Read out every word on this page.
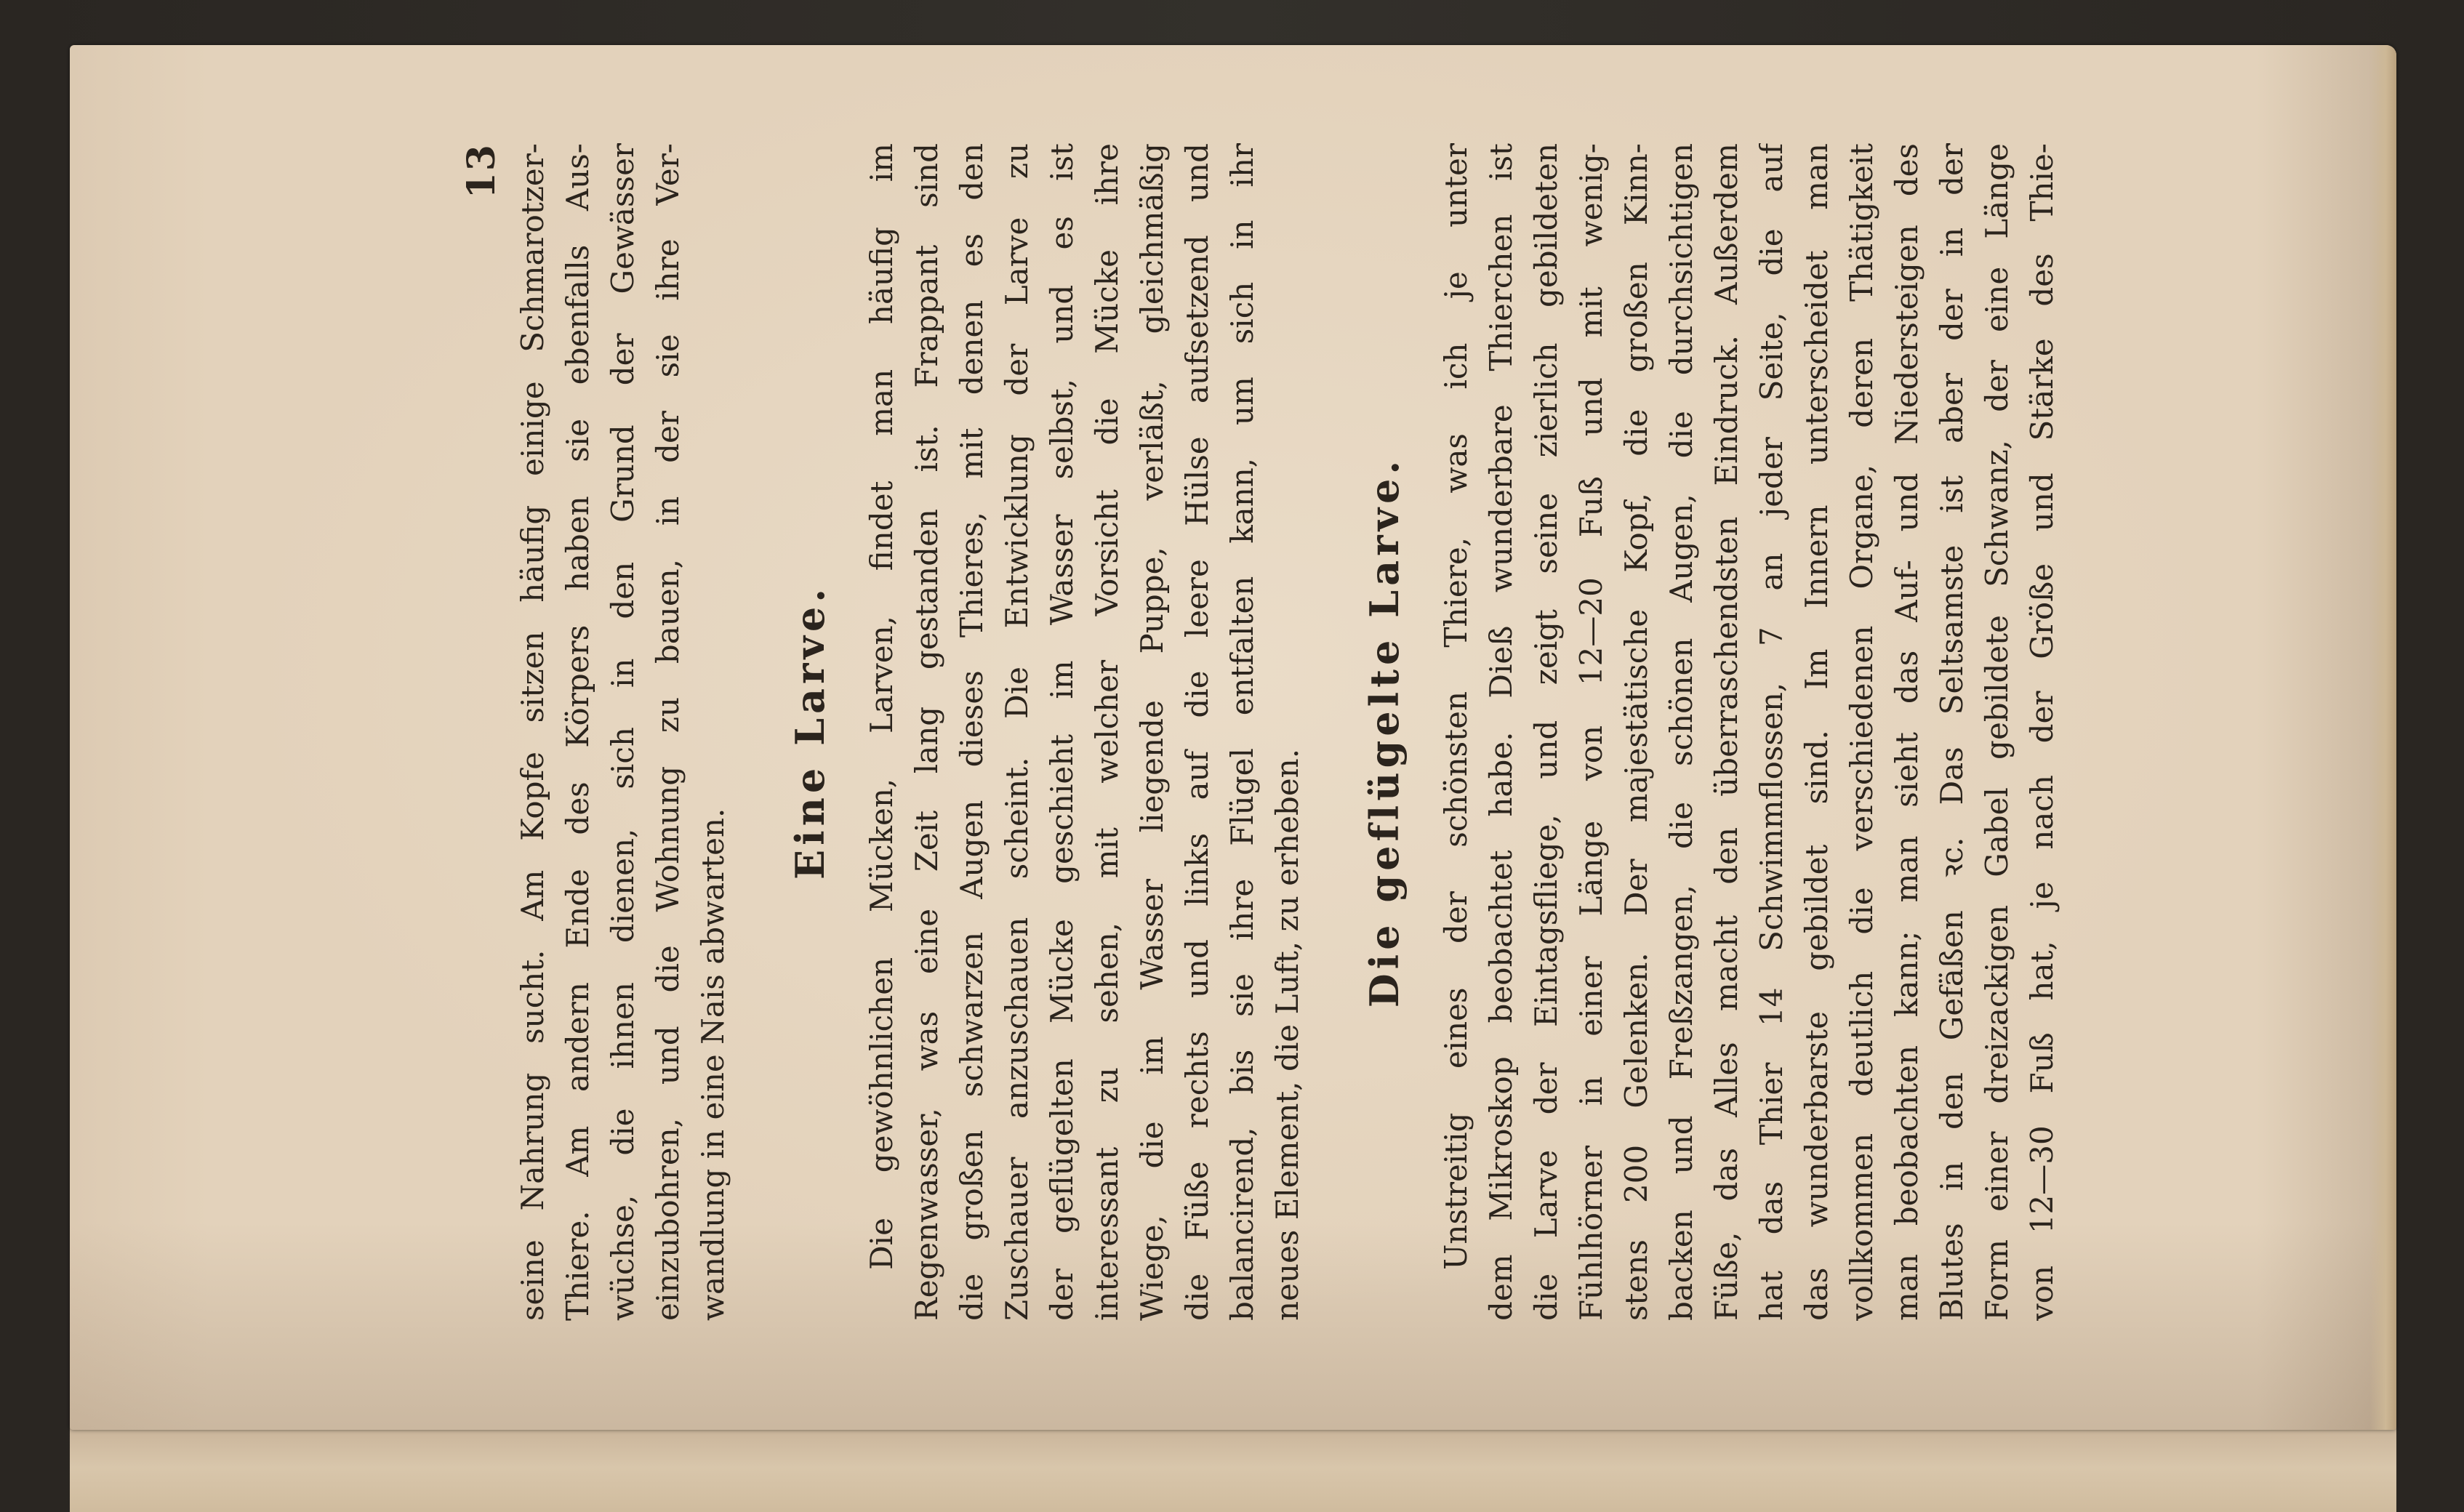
13 seine Nahrung sucht. Am Kopfe sitzen häufig einige Schmarotzer- Thiere. Am andern Ende des Körpers haben sie ebenfalls Aus- wüchse, die ihnen dienen, sich in den Grund der Gewässer einzubohren, und die Wohnung zu bauen, in der sie ihre Ver- wandlung in eine Nais abwarten.
Eine Larve. Die gewöhnlichen Mücken, Larven, findet man häufig im Regenwasser, was eine Zeit lang gestanden ist. Frappant sind die großen schwarzen Augen dieses Thieres, mit denen es den Zuschauer anzuschauen scheint. Die Entwicklung der Larve zu der geflügelten Mücke geschieht im Wasser selbst, und es ist interessant zu sehen, mit welcher Vorsicht die Mücke ihre Wiege, die im Wasser liegende Puppe, verläßt, gleichmäßig die Füße rechts und links auf die leere Hülse aufsetzend und balancirend, bis sie ihre Flügel entfalten kann, um sich in ihr neues Element, die Luft, zu erheben.
Die geflügelte Larve. Unstreitig eines der schönsten Thiere, was ich je unter dem Mikroskop beobachtet habe. Dieß wunderbare Thierchen ist die Larve der Eintagsfliege, und zeigt seine zierlich gebildeten Fühlhörner in einer Länge von 12—20 Fuß und mit wenig- stens 200 Gelenken. Der majestätische Kopf, die großen Kinn- backen und Freßzangen, die schönen Augen, die durchsichtigen Füße, das Alles macht den überraschendsten Eindruck. Außerdem hat das Thier 14 Schwimmflossen, 7 an jeder Seite, die auf das wunderbarste gebildet sind. Im Innern unterscheidet man vollkommen deutlich die verschiedenen Organe, deren Thätigkeit man beobachten kann; man sieht das Auf- und Niedersteigen des Blutes in den Gefäßen ꝛc. Das Seltsamste ist aber der in der Form einer dreizackigen Gabel gebildete Schwanz, der eine Länge von 12—30 Fuß hat, je nach der Größe und Stärke des Thie-
